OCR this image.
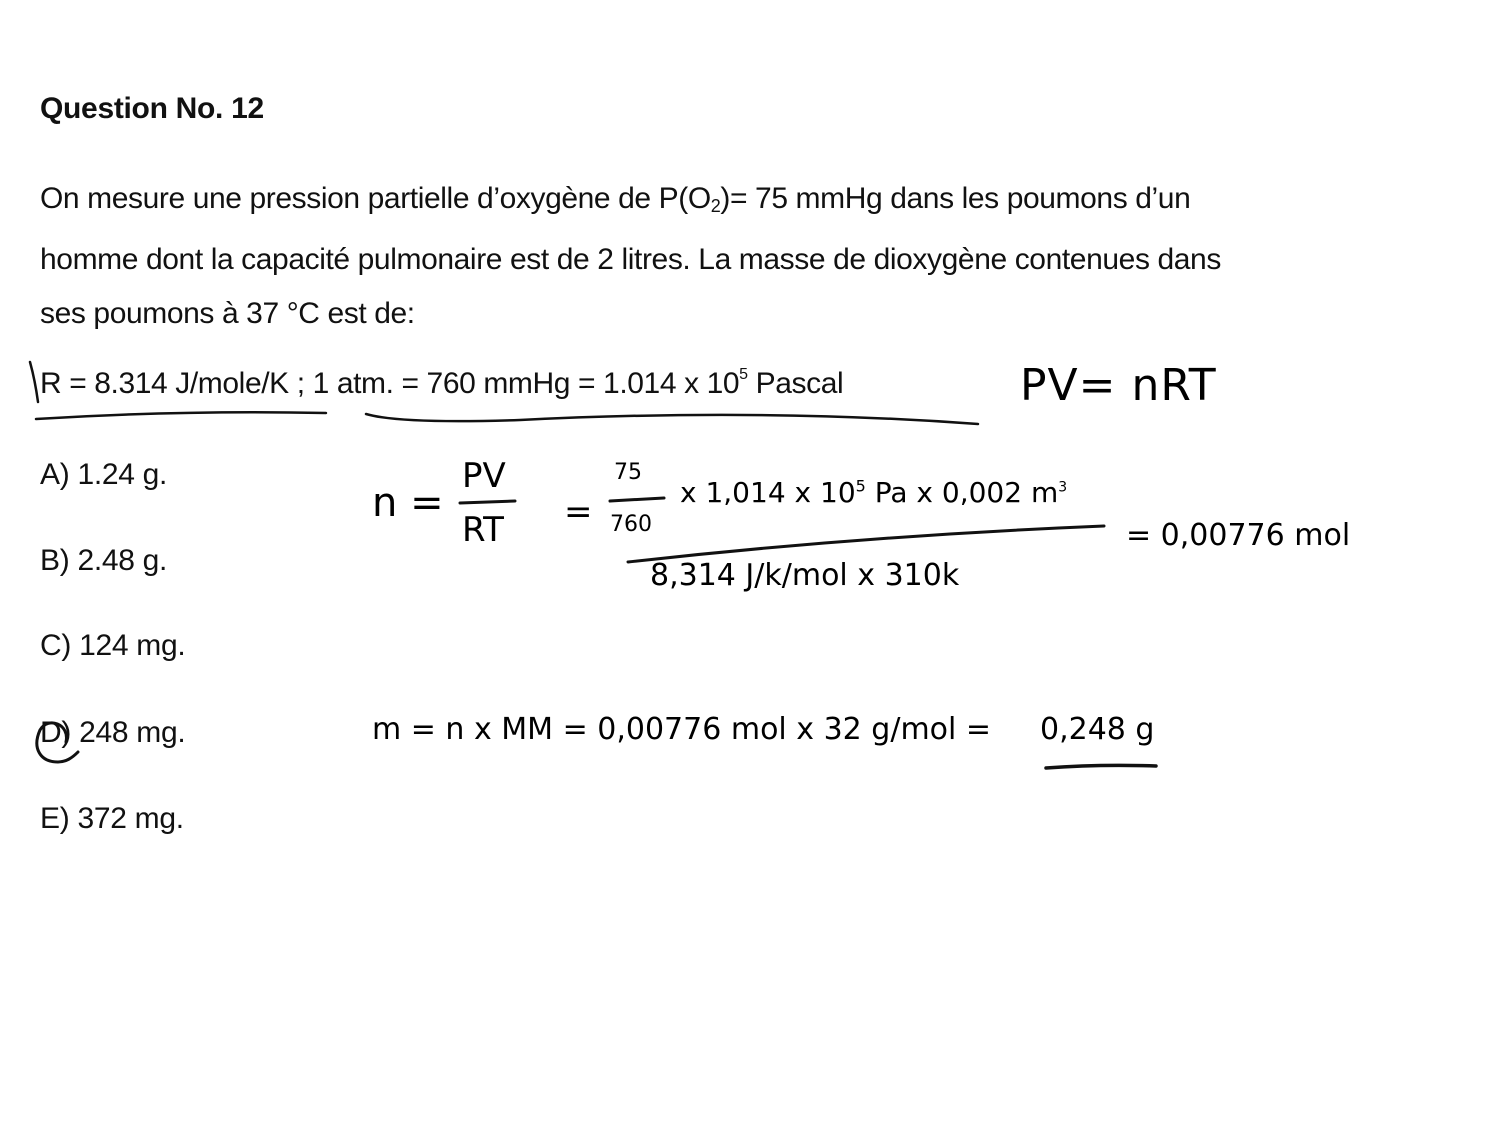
Question No. 12
On mesure une pression partielle d’oxygène de $P(O_2)= 75$ mmHg dans les poumons d’un
homme dont la capacité pulmonaire est de 2 litres. La masse de dioxygène contenues dans
ses poumons à 37 °C est de:
R = 8.314 J/mole/K ; 1 atm. = 760 mmHg = 1.014 x $10^5$ Pascal
A) 1.24 g.
B) 2.48 g.
C) 124 mg.
D) 248 mg.
E) 372 mg.
PV= nRT
n =
PV
RT =
75
760
x 1,014 x $10^5$ Pa x 0,002 $m^3$
8,314 J/k/mol x 310k
= 0,00776 mol
m = n x MM = 0,00776 mol x 32 g/mol = 0,248 g
